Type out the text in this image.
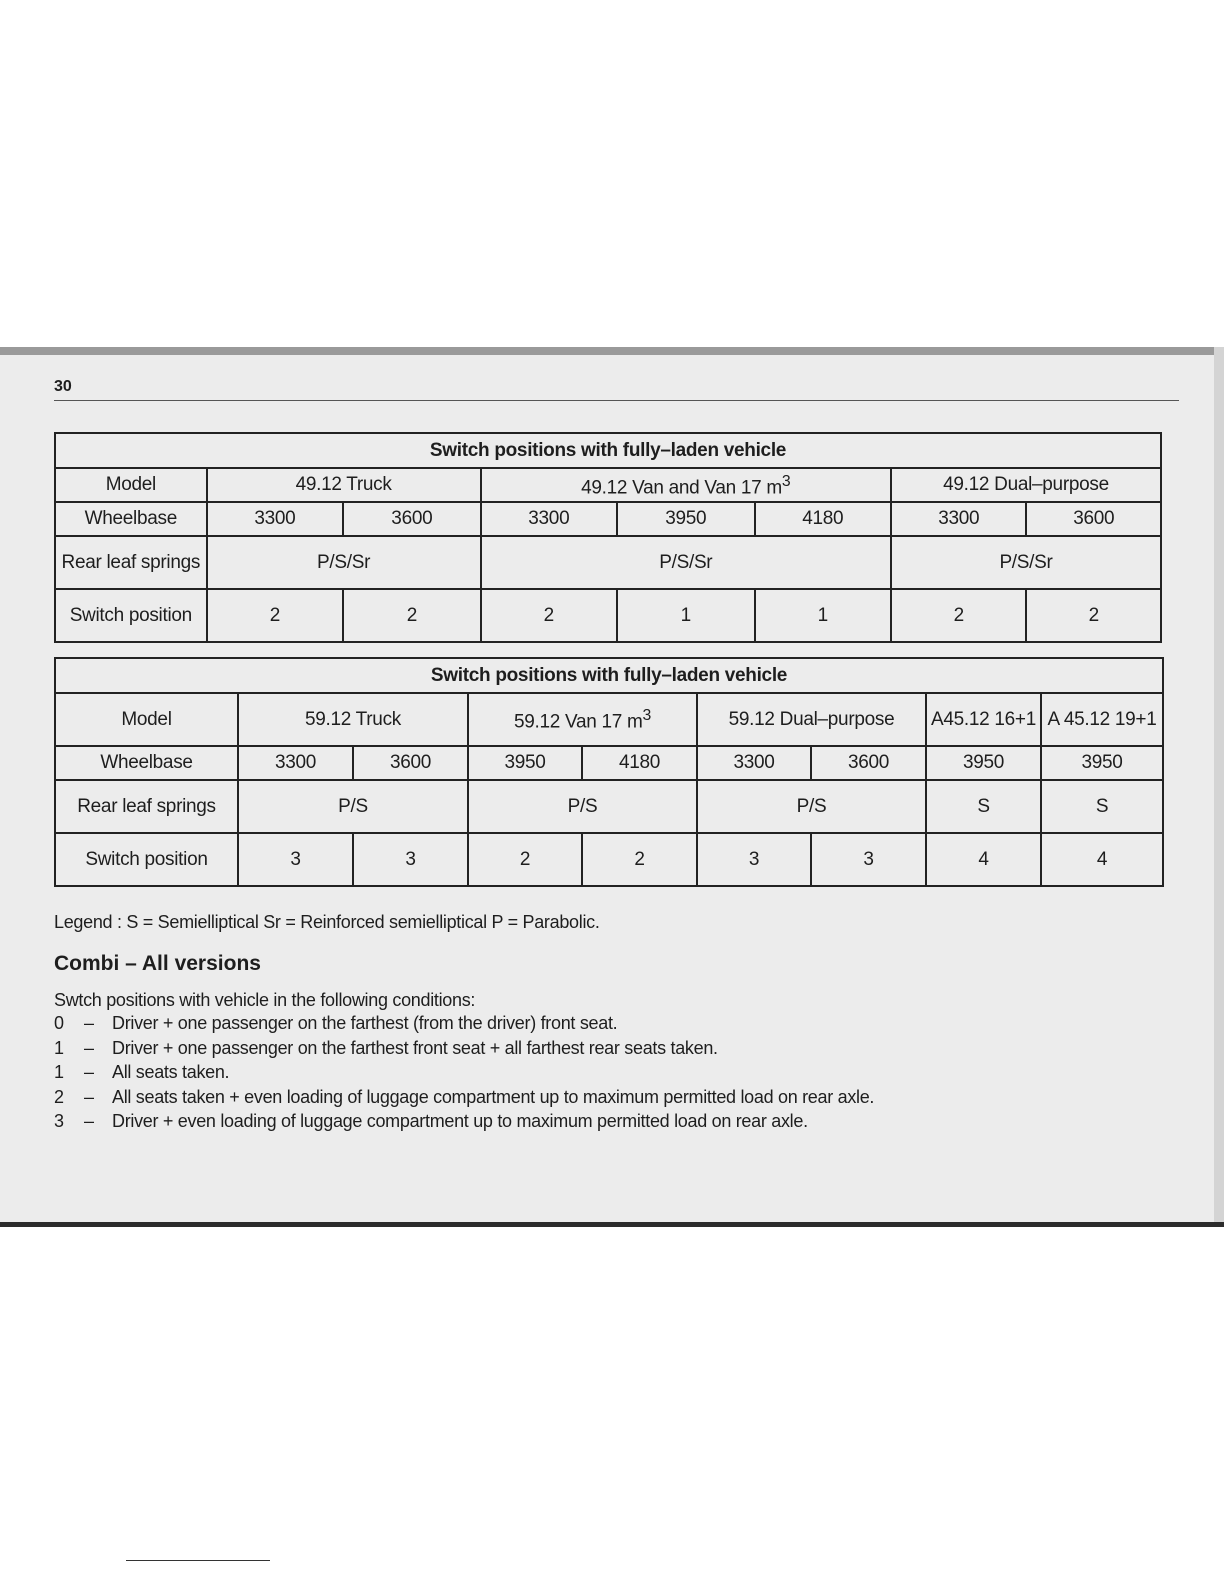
30
Switch positions with fully–laden vehicle							
Model	49.12 Truck		49.12 Van and Van 17 $m^3$			49.12 Dual–purpose	
Wheelbase	3300	3600	3300	3950	4180	3300	3600
Rear leaf springs	P/S/Sr		P/S/Sr			P/S/Sr	
Switch position	2	2	2	1	1	2	2
Switch positions with fully–laden vehicle								
Model	59.12 Truck		59.12 Van 17 $m^3$		59.12 Dual–purpose		A45.12 16+1	A 45.12 19+1
Wheelbase	3300	3600	3950	4180	3300	3600	3950	3950
Rear leaf springs	P/S		P/S		P/S		S	S
Switch position	3	3	2	2	3	3	4	4
Legend : S = Semielliptical Sr = Reinforced semielliptical P = Parabolic.
Combi – All versions
Swtch positions with vehicle in the following conditions:
0	–	Driver + one passenger on the farthest (from the driver) front seat.
1	–	Driver + one passenger on the farthest front seat + all farthest rear seats taken.
1	–	All seats taken.
2	–	All seats taken + even loading of luggage compartment up to maximum permitted load on rear axle.
3	–	Driver + even loading of luggage compartment up to maximum permitted load on rear axle.
